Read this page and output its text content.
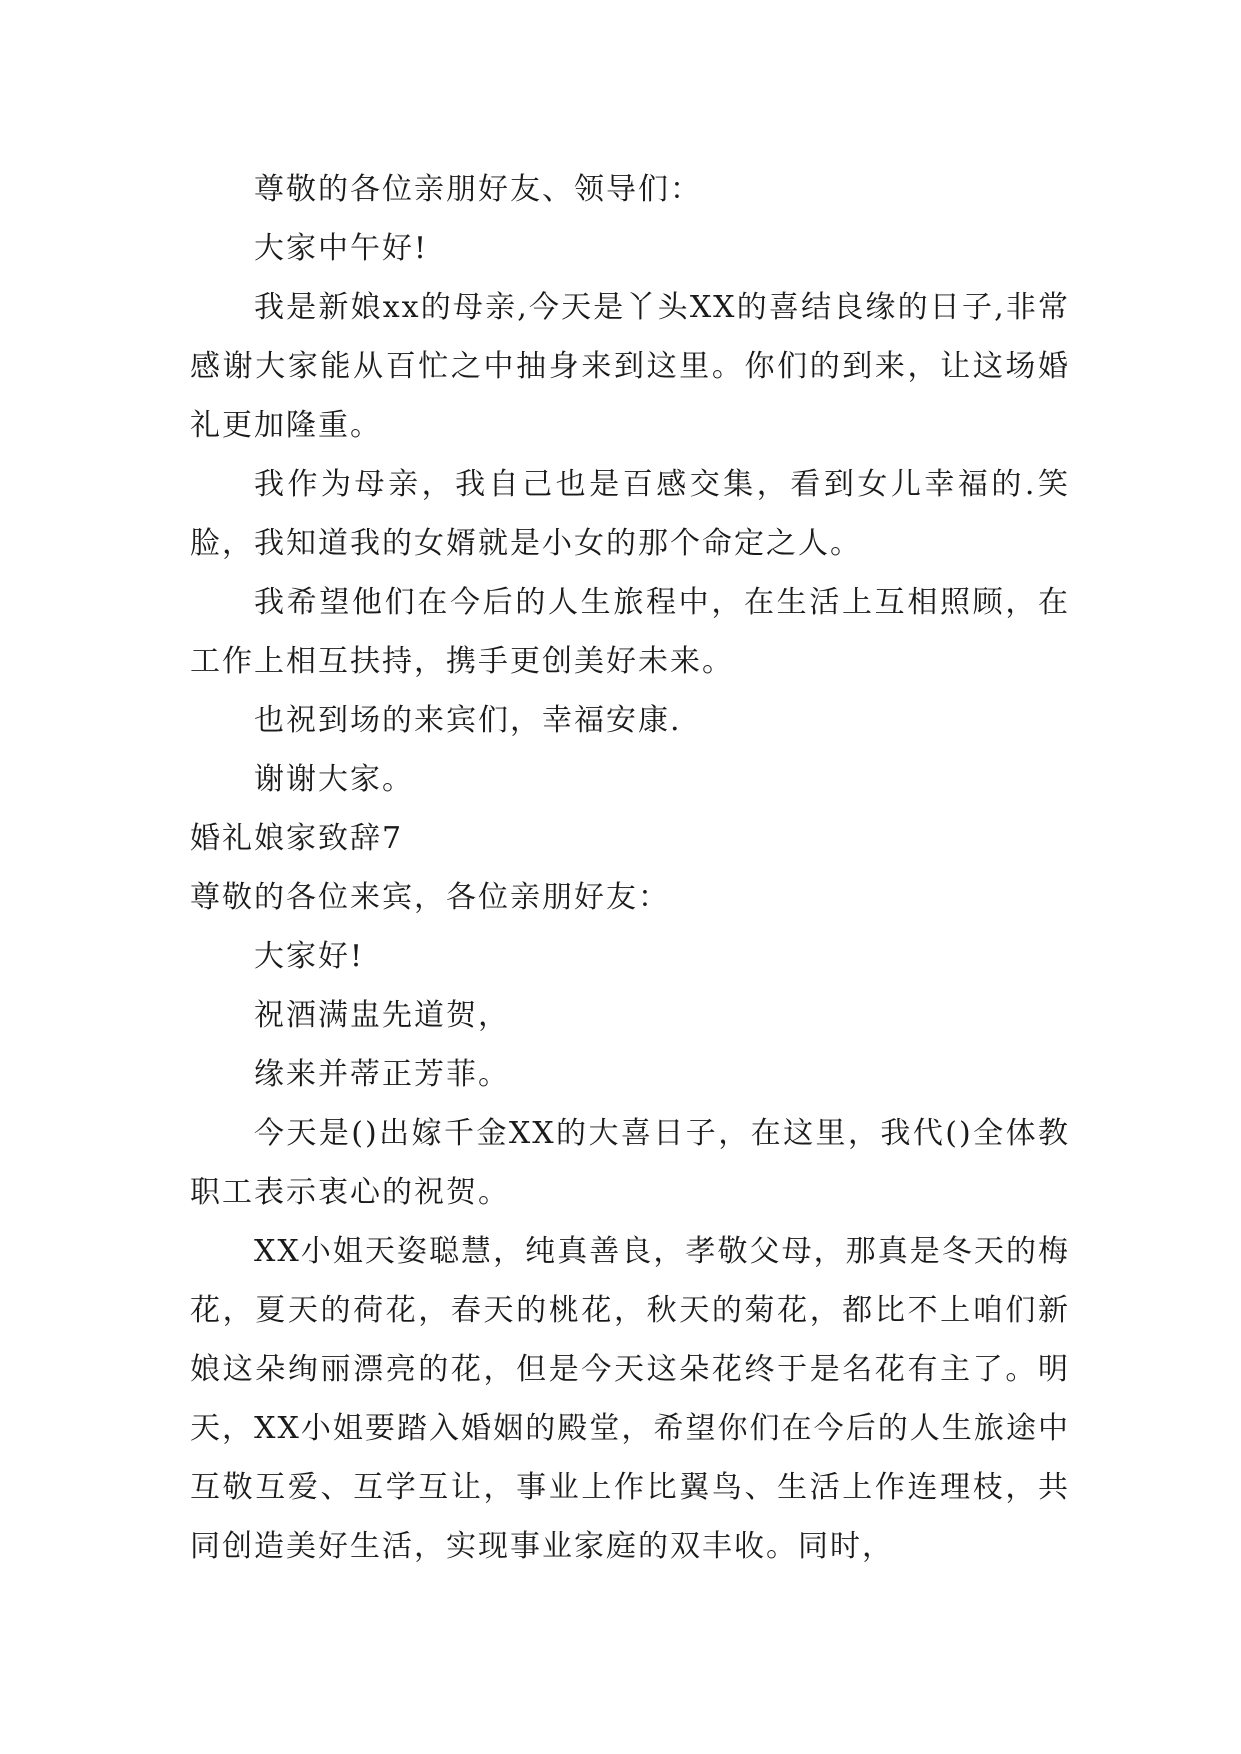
尊敬的各位亲朋好友、领导们：

大家中午好!

我是新娘xx的母亲,今天是丫头XX的喜结良缘的日子,非常感谢大家能从百忙之中抽身来到这里。你们的到来，让这场婚礼更加隆重。

我作为母亲，我自己也是百感交集，看到女儿幸福的.笑脸，我知道我的女婿就是小女的那个命定之人。

我希望他们在今后的人生旅程中，在生活上互相照顾，在工作上相互扶持，携手更创美好未来。

也祝到场的来宾们，幸福安康.

谢谢大家。

婚礼娘家致辞7

尊敬的各位来宾，各位亲朋好友：

大家好!

祝酒满盅先道贺，

缘来并蒂正芳菲。

今天是()出嫁千金XX的大喜日子，在这里，我代()全体教职工表示衷心的祝贺。

XX小姐天姿聪慧，纯真善良，孝敬父母，那真是冬天的梅花，夏天的荷花，春天的桃花，秋天的菊花，都比不上咱们新娘这朵绚丽漂亮的花，但是今天这朵花终于是名花有主了。明天，XX小姐要踏入婚姻的殿堂，希望你们在今后的人生旅途中互敬互爱、互学互让，事业上作比翼鸟、生活上作连理枝，共同创造美好生活，实现事业家庭的双丰收。同时，
